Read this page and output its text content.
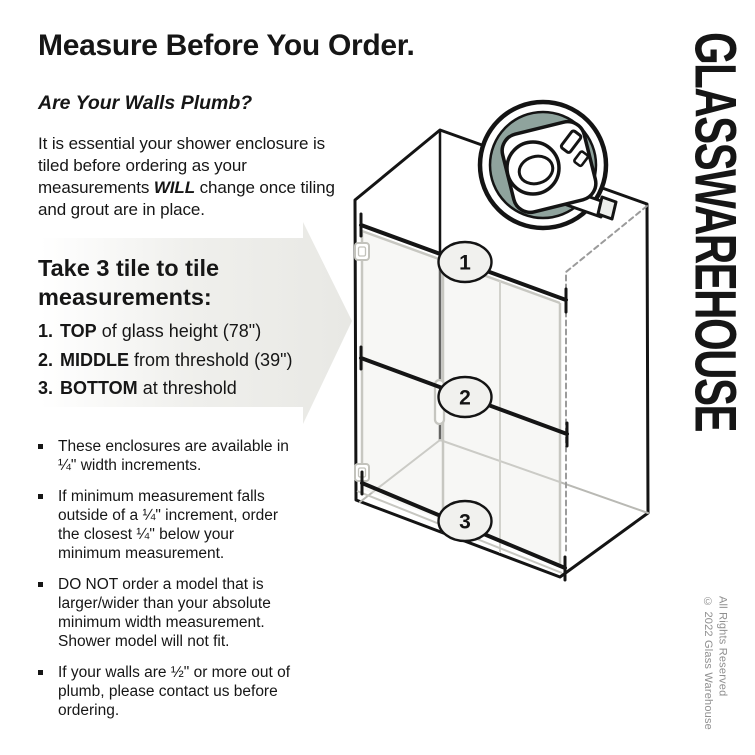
1
2
3
Measure Before You Order.
Are Your Walls Plumb?

It is essential your shower enclosure is tiled before ordering as your measurements WILL change once tiling and grout are in place.

Take 3 tile to tile measurements:
1. TOP of glass height (78")
2. MIDDLE from threshold (39")
3. BOTTOM at threshold
These enclosures are available in ¼" width increments.
If minimum measurement falls outside of a ¼" increment, order the closest ¼" below your minimum measurement.
DO NOT order a model that is larger/wider than your absolute minimum width measurement. Shower model will not fit.
If your walls are ½" or more out of plumb, please contact us before ordering.
GLASSWAREHOUSE
© 2022 Glass Warehouse All Rights Reserved
